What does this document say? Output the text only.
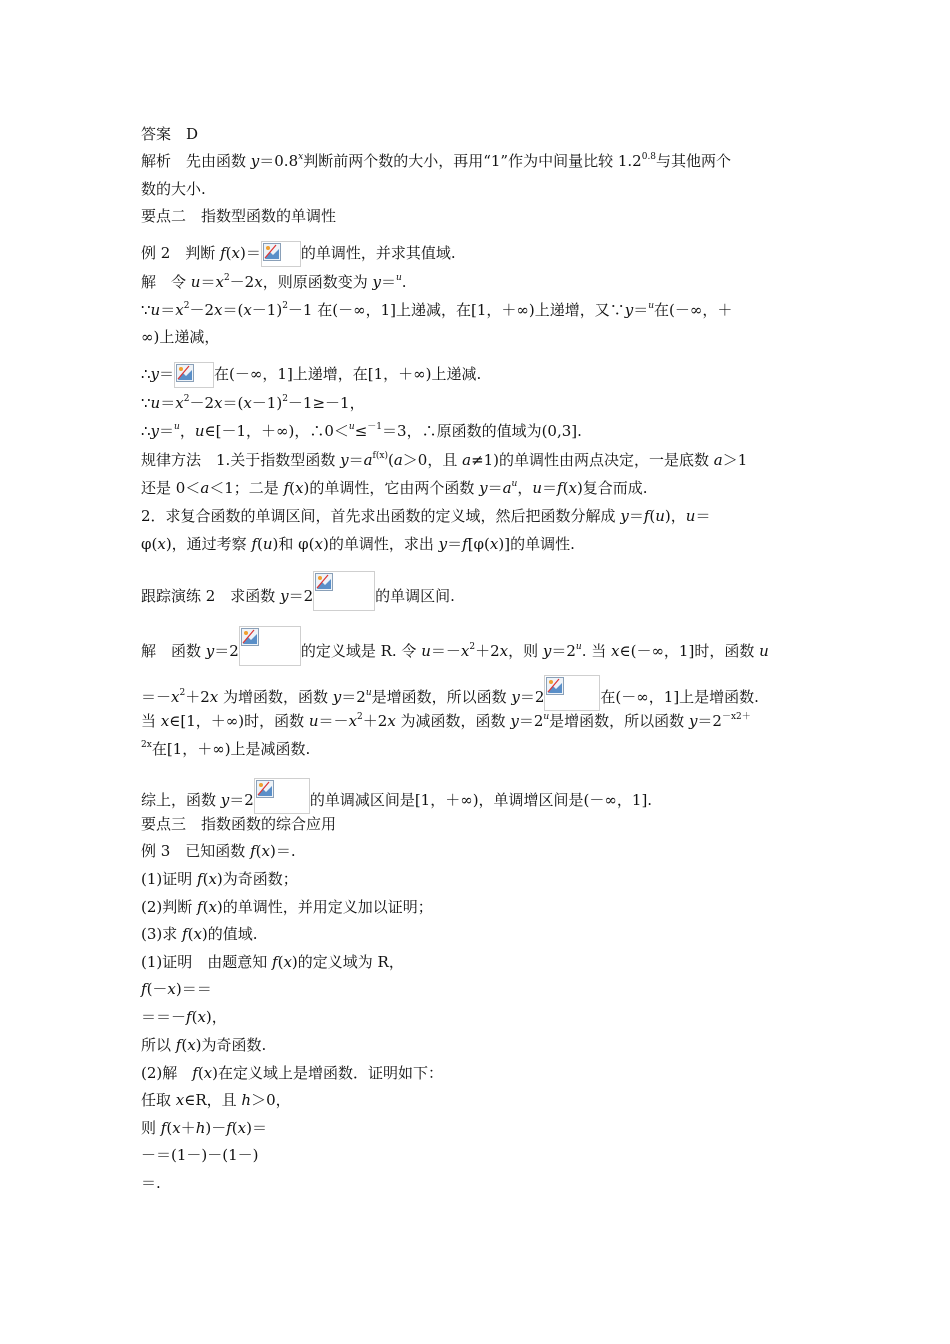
答案　D
解析　先由函数 $y=0.8^x$判断前两个数的大小，再用“1”作为中间量比较 $1.2^{0.8}$与其他两个
数的大小.
要点二　指数型函数的单调性
例 2　判断 f(x)＝	的单调性，并求其值域.
解　令 $u=x^2-2x$，则原函数变为 y＝$^u$.
$\because u=x^2-2x=(x-1)^2-1$ 在(－∞，1]上递减，在[1，＋∞)上递增，又∵y＝$^u$在(－∞，＋
∞)上递减，
∴y＝	在(－∞，1]上递增，在[1，＋∞)上递减.
$\because u=x^2-2x=(x-1)^2-1\ge-1$，
∴y＝$^u$，u∈[－1，＋∞)，∴0＜$^u$≤$^{-1}$＝3，∴原函数的值域为(0,3].
规律方法　1.关于指数型函数 $y=a^{f(x)}(a>0$，且 a≠1)的单调性由两点决定，一是底数 a＞1
还是 0＜a＜1；二是 f(x)的单调性，它由两个函数 $y=a^u$，u＝f(x)复合而成.
2．求复合函数的单调区间，首先求出函数的定义域，然后把函数分解成 y＝f(u)，u＝
φ(x)，通过考察 f(u)和 φ(x)的单调性，求出 y＝f[φ(x)]的单调性.
跟踪演练 2　求函数 y＝2	的单调区间.
解　函数 y＝2	的定义域是 R. 令 $u=-x^2+2x$，则 $y=2^u$. 当 x∈(－∞，1]时，函数 u
$=-x^2+2x$ 为增函数，函数 $y=2^u$是增函数，所以函数 y＝2	在(－∞，1]上是增函数.
当 x∈[1，＋∞)时，函数 $u=-x^2+2x$ 为减函数，函数 $y=2^u$是增函数，所以函数 $y=2^{-x2+}$
$^{2x}$在[1，＋∞)上是减函数.
综上，函数 y＝2	的单调减区间是[1，＋∞)，单调增区间是(－∞，1].
要点三　指数函数的综合应用
例 3　已知函数 f(x)＝.
(1)证明 f(x)为奇函数；
(2)判断 f(x)的单调性，并用定义加以证明；
(3)求 f(x)的值域.
(1)证明　由题意知 f(x)的定义域为 R，
f(－x)＝＝
＝＝－f(x)，
所以 f(x)为奇函数.
(2)解　f(x)在定义域上是增函数．证明如下：
任取 x∈R，且 h＞0，
则 f(x＋h)－f(x)＝
－＝(1－)－(1－)
＝.
